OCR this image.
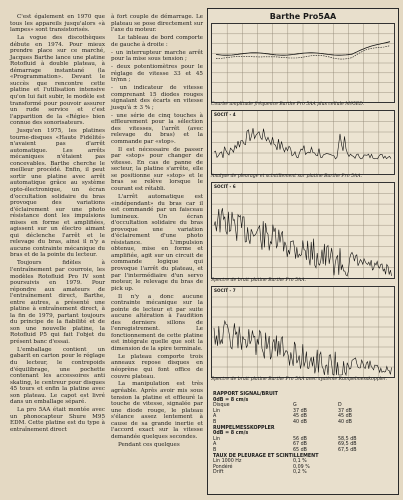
C'est également en 1970 que tous les appareils jusqu'alors «à lampes» sont transistorisés.

La vogue des discothèques débute en 1974. Pour mieux prendre place sur ce marché, Jacques Barthe lance une platine Rotofluid à double plateau, à démarrage instantané (la «Programmation». Devant le succès que rencontre cette platine et l'utilisation intensive qu'on lui fait subir, le modèle est transformé pour pouvoir assurer un rude service et c'est l'apparition de la «Régie» bien connue des sonorisateurs.

Jusqu'en 1975, les platines tourne-disques «Haute Fidélité» n'avaient pas d'arrêt automatique. Les arrêts mécaniques n'étaient pas concevables. Barthe cherche le meilleur procédé. Enfin, il peut sortir une platine avec arrêt automatique grâce au système opto-électronique, un écran d'occultation solidaire du bras provoque des variations d'éclairement sur une photo résistance dont les impulsions mises en forme et amplifiées, agissent sur un électro aimant qui déclenche l'arrêt et le relevage du bras, ainsi il n'y a aucune contrainte mécanique du bras et de la pointe du lecteur.

Toujours fidèles à l'entraînement par courroie, les modèles Rotofluid Pro IV sont poursuivis en 1979. Pour répondre aux amateurs de l'entraînement direct, Barthe, entre autres, a présenté une platine à entraînement direct, à la fin de 1979, partant toujours du principe de la fiabilité et de son une nouvelle platine, la Rotofluid P5 qui fait l'objet du présent banc d'essai.

L'emballage contient un gabarit en carton pour le réglage du lecteur, le contrepoids d'équilibrage, une pochette contenant les accessoires anti skating, le centreur pour disques 45 tours et enfin la platine avec son plateau. Le capot est livré dans un emballage séparé.

La pro 5AA était montée avec un phonocapteur Shure M95 EDM. Cette platine est du type à entraînement direct

à fort couple de démarrage. Le plateau se pose directement sur l'axe du moteur.

Le tableau de bord comporte de gauche à droite :

- un interrupteur marche arrêt pour la mise sous tension ;

- deux potentiomètres pour le réglage de vitesse 33 et 45 tr/mn ;

- un indicateur de vitesse comprenant 15 diodes rouges signalant des écarts en vitesse jusqu'à ± 3 % ;

- une série de cinq touches à effleurement pour la sélection des vitesses, l'arrêt (avec relevage du bras) et la commande par «stop».

Il est nécessaire de passer par «stop» pour changer de vitesse. En cas de panne de secteur, la platine s'arrête, elle se positionne sur «stop» et le bras se relève lorsque le courant est rétabli.

L'arrêt automatique est «indépendant» du bras car il est commandé par un faisceau lumineux. Un écran d'occultation solidaire du bras provoque une variation d'éclairement d'une photo résistance. L'impulsion obtenue, mise en forme et amplifiée, agit sur un circuit de commande logique qui provoque l'arrêt du plateau, et par l'intermédiaire d'un servo moteur, le relevage du bras de pick up.

Il n'y a donc aucune contrainte mécanique sur la pointe de lecteur et par suite aucune altération à l'audition des derniers sillons de l'enregistrement. Le fonctionnement de cette platine est intégrale quelle que soit la dimension de la spire terminale.

Le plateau comporte trois anneaux repose disques en néoprène qui font office de couvre plateau.

La manipulation est très agréable. Après avoir mis sous tension la platine et effleuré la touche de vitesse, signalée par une diode rouge, le plateau s'élance assez lentement à cause de sa grande inertie et l'accord exact sur la vitesse demandée quelques secondes.

Pendant ces quelques

Barthe Pro5AA
Courbe amplitude fréquence Barthe Pro 5AA plus cellule M95ED.
SOCIT - 4
Analyse de pleurage et scintillement sur platine Barthe Pro 5AA.
SOCIT - 6
Spectre de bruit platine Barthe Pro 5AA.
SOCIT - 7
Spectre de bruit platine Barthe Pro 5AA avec système Rumpelmesskoppler.
RAPPORT SIGNAL/BRUIT
0dB = 8 cm/s
Disque	G	D
Lin	37 dB	37 dB
A	45 dB	45 dB
B	40 dB	40 dB
RUMPELMESSKOPPLER
0dB = 8 cm/s
Lin	56 dB	58,5 dB
A	67 dB	69,5 dB
B	65 dB	67,5 dB
TAUX DE PLEURAGE ET SCINTILLEMENT
Lin 1000 Hz	0,1 %
Pondéré	0,09 %
Drift	0,2 %
